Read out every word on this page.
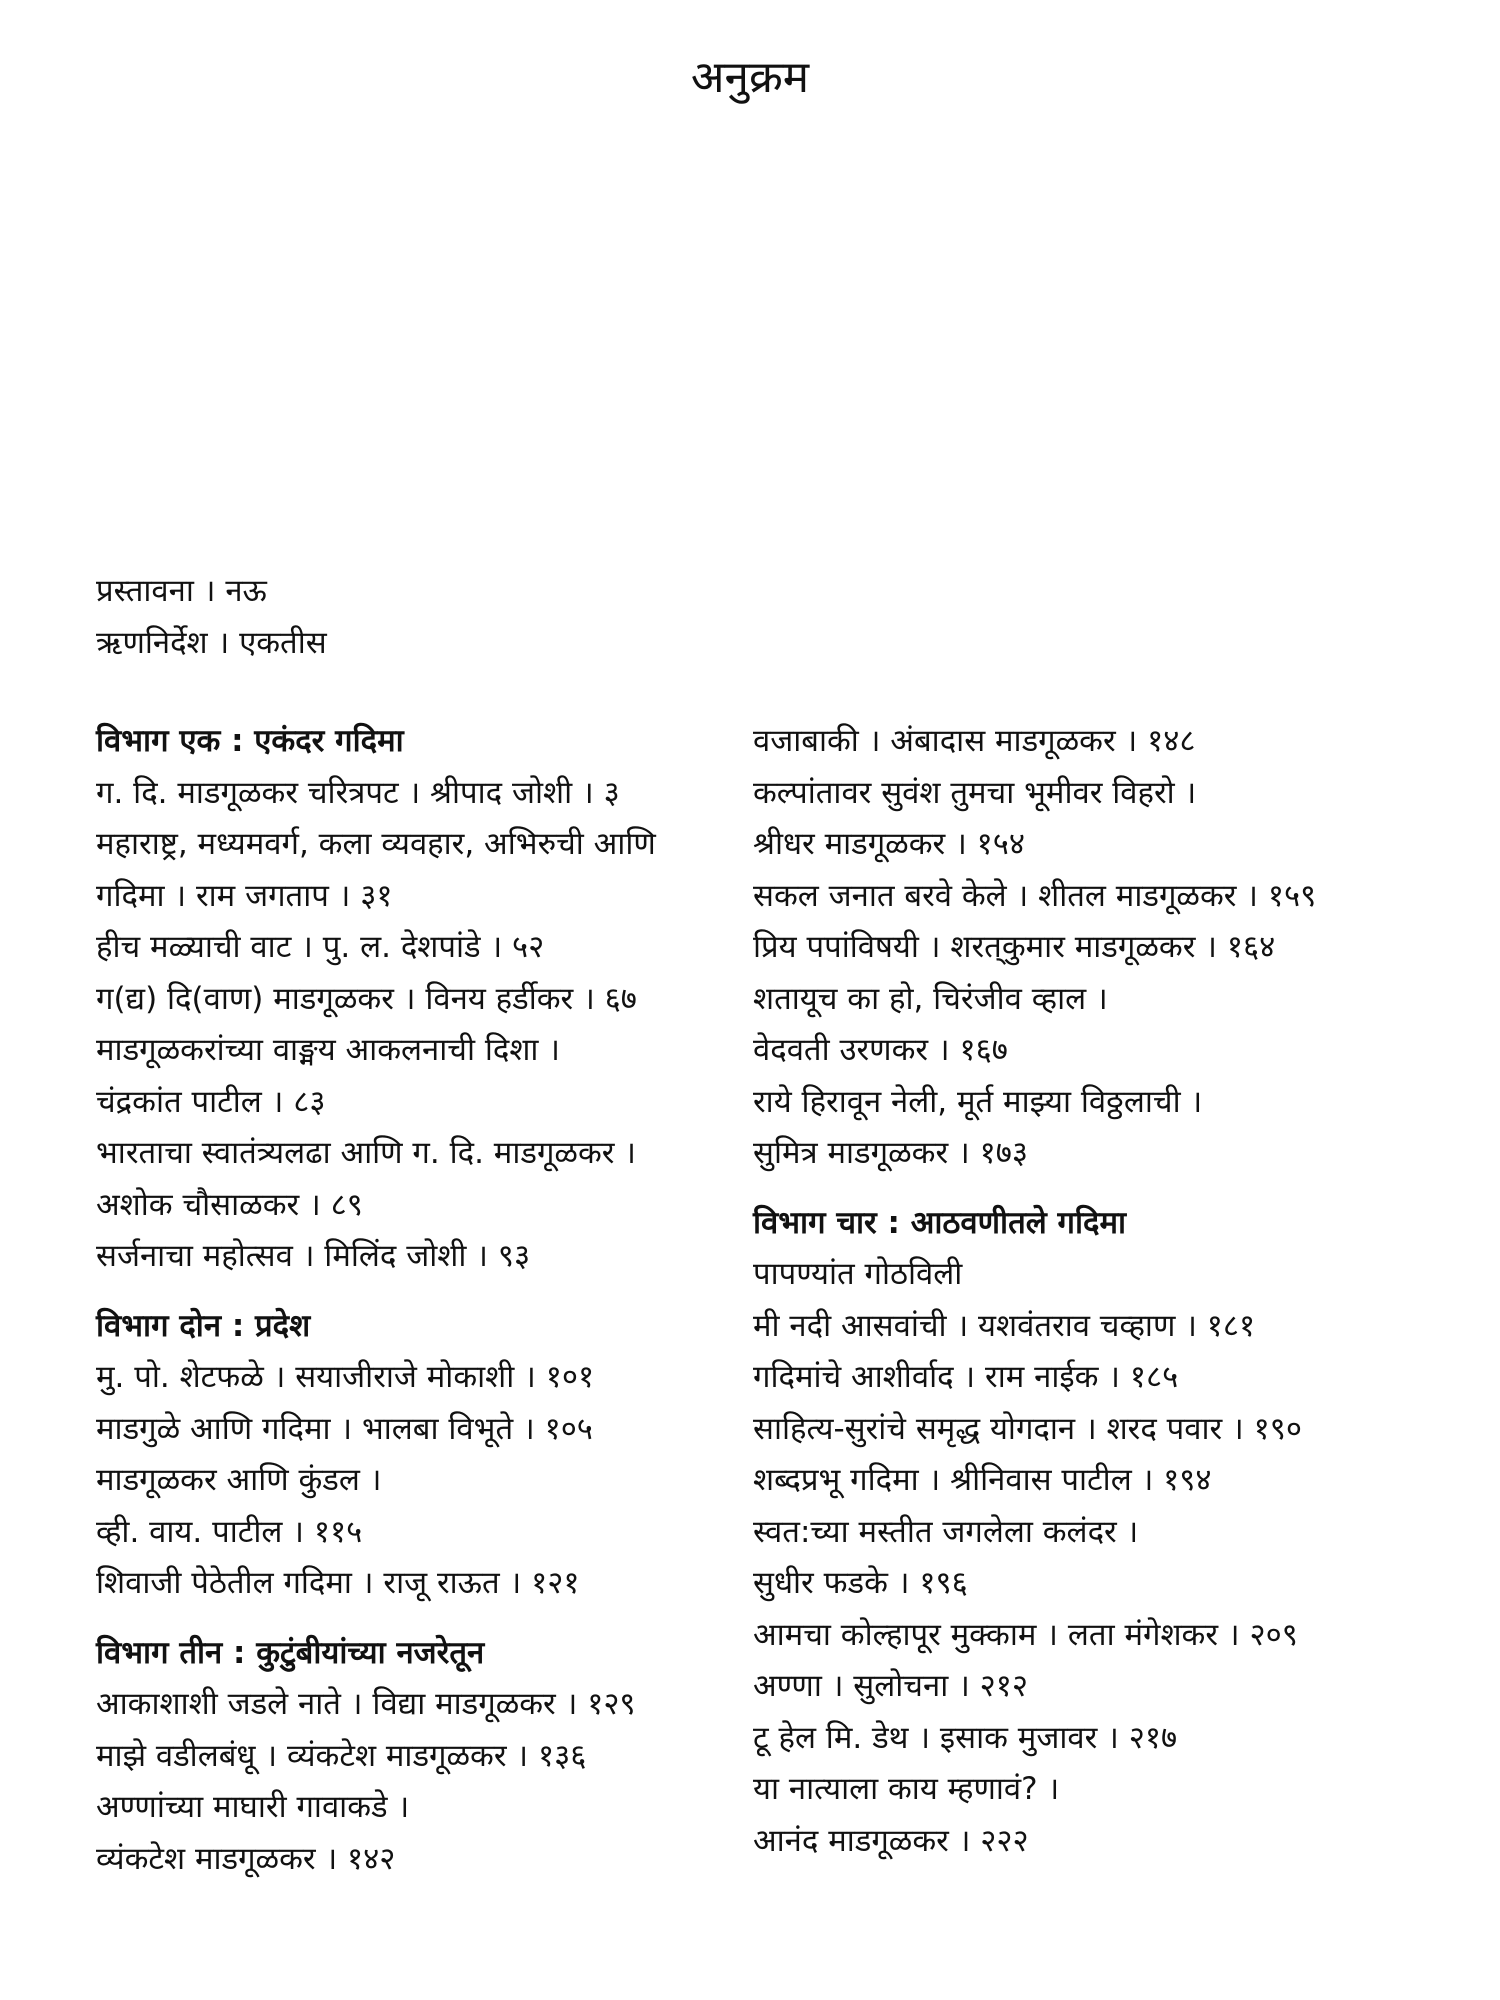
अनुक्रम
प्रस्तावना । नऊ
ऋणनिर्देश । एकतीस
विभाग एक : एकंदर गदिमा
ग. दि. माडगूळकर चरित्रपट । श्रीपाद जोशी । ३
महाराष्ट्र, मध्यमवर्ग, कला व्यवहार, अभिरुची आणि
गदिमा । राम जगताप । ३१
हीच मळ्याची वाट । पु. ल. देशपांडे । ५२
ग(द्य) दि(वाण) माडगूळकर । विनय हर्डीकर । ६७
माडगूळकरांच्या वाङ्मय आकलनाची दिशा ।
चंद्रकांत पाटील । ८३
भारताचा स्वातंत्र्यलढा आणि ग. दि. माडगूळकर ।
अशोक चौसाळकर । ८९
सर्जनाचा महोत्सव । मिलिंद जोशी । ९३
विभाग दोन : प्रदेश
मु. पो. शेटफळे । सयाजीराजे मोकाशी । १०१
माडगुळे आणि गदिमा । भालबा विभूते । १०५
माडगूळकर आणि कुंडल ।
व्ही. वाय. पाटील । ११५
शिवाजी पेठेतील गदिमा । राजू राऊत । १२१
विभाग तीन : कुटुंबीयांच्या नजरेतून
आकाशाशी जडले नाते । विद्या माडगूळकर । १२९
माझे वडीलबंधू । व्यंकटेश माडगूळकर । १३६
अण्णांच्या माघारी गावाकडे ।
व्यंकटेश माडगूळकर । १४२
वजाबाकी । अंबादास माडगूळकर । १४८
कल्पांतावर सुवंश तुमचा भूमीवर विहरो ।
श्रीधर माडगूळकर । १५४
सकल जनात बरवे केले । शीतल माडगूळकर । १५९
प्रिय पपांविषयी । शरत्‌कुमार माडगूळकर । १६४
शतायूच का हो, चिरंजीव व्हाल ।
वेदवती उरणकर । १६७
राये हिरावून नेली, मूर्त माझ्या विठ्ठलाची ।
सुमित्र माडगूळकर । १७३
विभाग चार : आठवणीतले गदिमा
पापण्यांत गोठविली
मी नदी आसवांची । यशवंतराव चव्हाण । १८१
गदिमांचे आशीर्वाद । राम नाईक । १८५
साहित्य-सुरांचे समृद्ध योगदान । शरद पवार । १९०
शब्दप्रभू गदिमा । श्रीनिवास पाटील । १९४
स्वत:च्या मस्तीत जगलेला कलंदर ।
सुधीर फडके । १९६
आमचा कोल्हापूर मुक्काम । लता मंगेशकर । २०९
अण्णा । सुलोचना । २१२
टू हेल मि. डेथ । इसाक मुजावर । २१७
या नात्याला काय म्हणावं? ।
आनंद माडगूळकर । २२२
